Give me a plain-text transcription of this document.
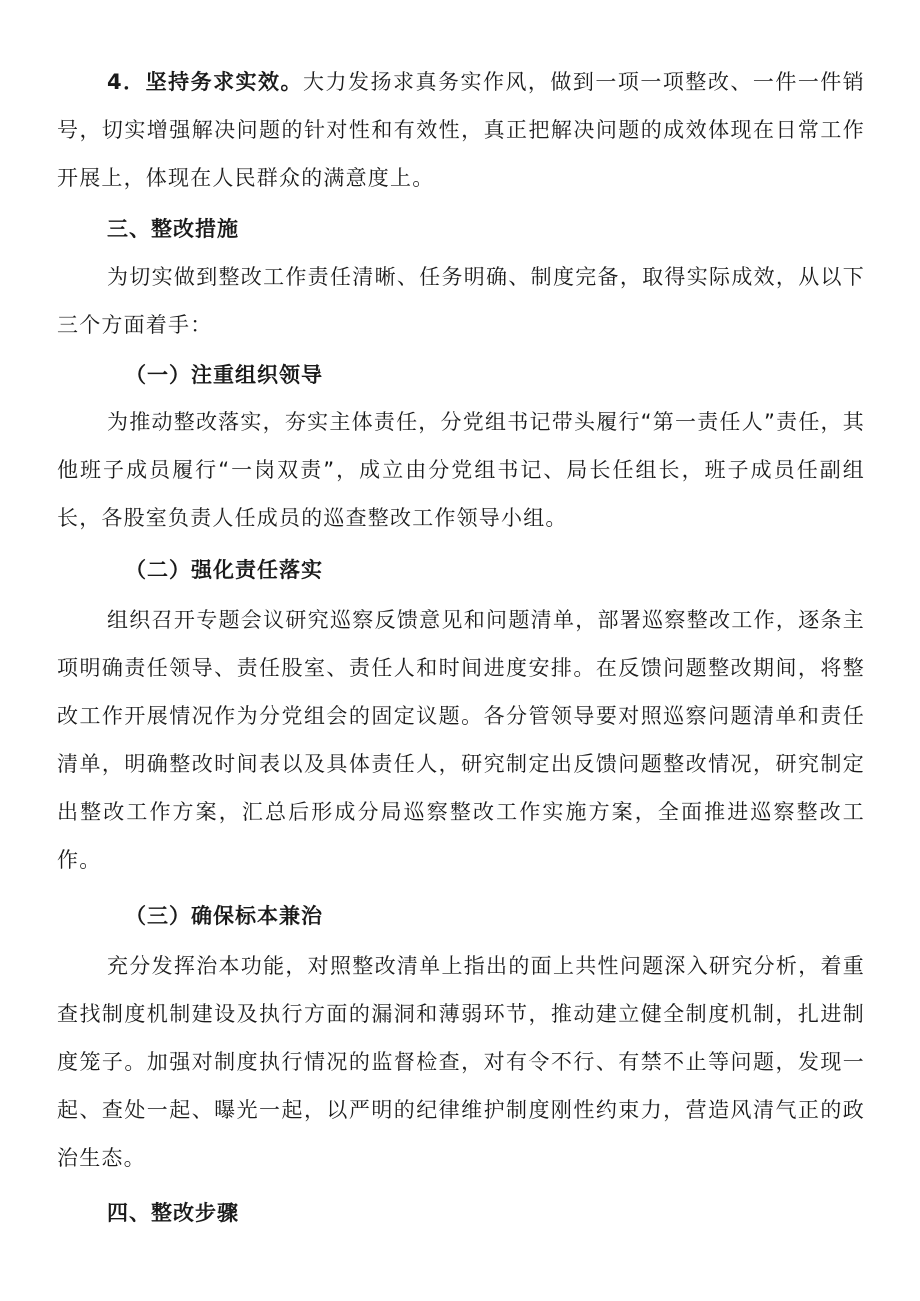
4．坚持务求实效。大力发扬求真务实作风，做到一项一项整改、一件一件销号，切实增强解决问题的针对性和有效性，真正把解决问题的成效体现在日常工作开展上，体现在人民群众的满意度上。

三、整改措施

为切实做到整改工作责任清晰、任务明确、制度完备，取得实际成效，从以下三个方面着手：

（一）注重组织领导

为推动整改落实，夯实主体责任，分党组书记带头履行“第一责任人”责任，其他班子成员履行“一岗双责”，成立由分党组书记、局长任组长，班子成员任副组长，各股室负责人任成员的巡查整改工作领导小组。

（二）强化责任落实

组织召开专题会议研究巡察反馈意见和问题清单，部署巡察整改工作，逐条主项明确责任领导、责任股室、责任人和时间进度安排。在反馈问题整改期间，将整改工作开展情况作为分党组会的固定议题。各分管领导要对照巡察问题清单和责任清单，明确整改时间表以及具体责任人，研究制定出反馈问题整改情况，研究制定出整改工作方案，汇总后形成分局巡察整改工作实施方案，全面推进巡察整改工作。

（三）确保标本兼治

充分发挥治本功能，对照整改清单上指出的面上共性问题深入研究分析，着重查找制度机制建设及执行方面的漏洞和薄弱环节，推动建立健全制度机制，扎进制度笼子。加强对制度执行情况的监督检查，对有令不行、有禁不止等问题，发现一起、查处一起、曝光一起，以严明的纪律维护制度刚性约束力，营造风清气正的政治生态。

四、整改步骤
